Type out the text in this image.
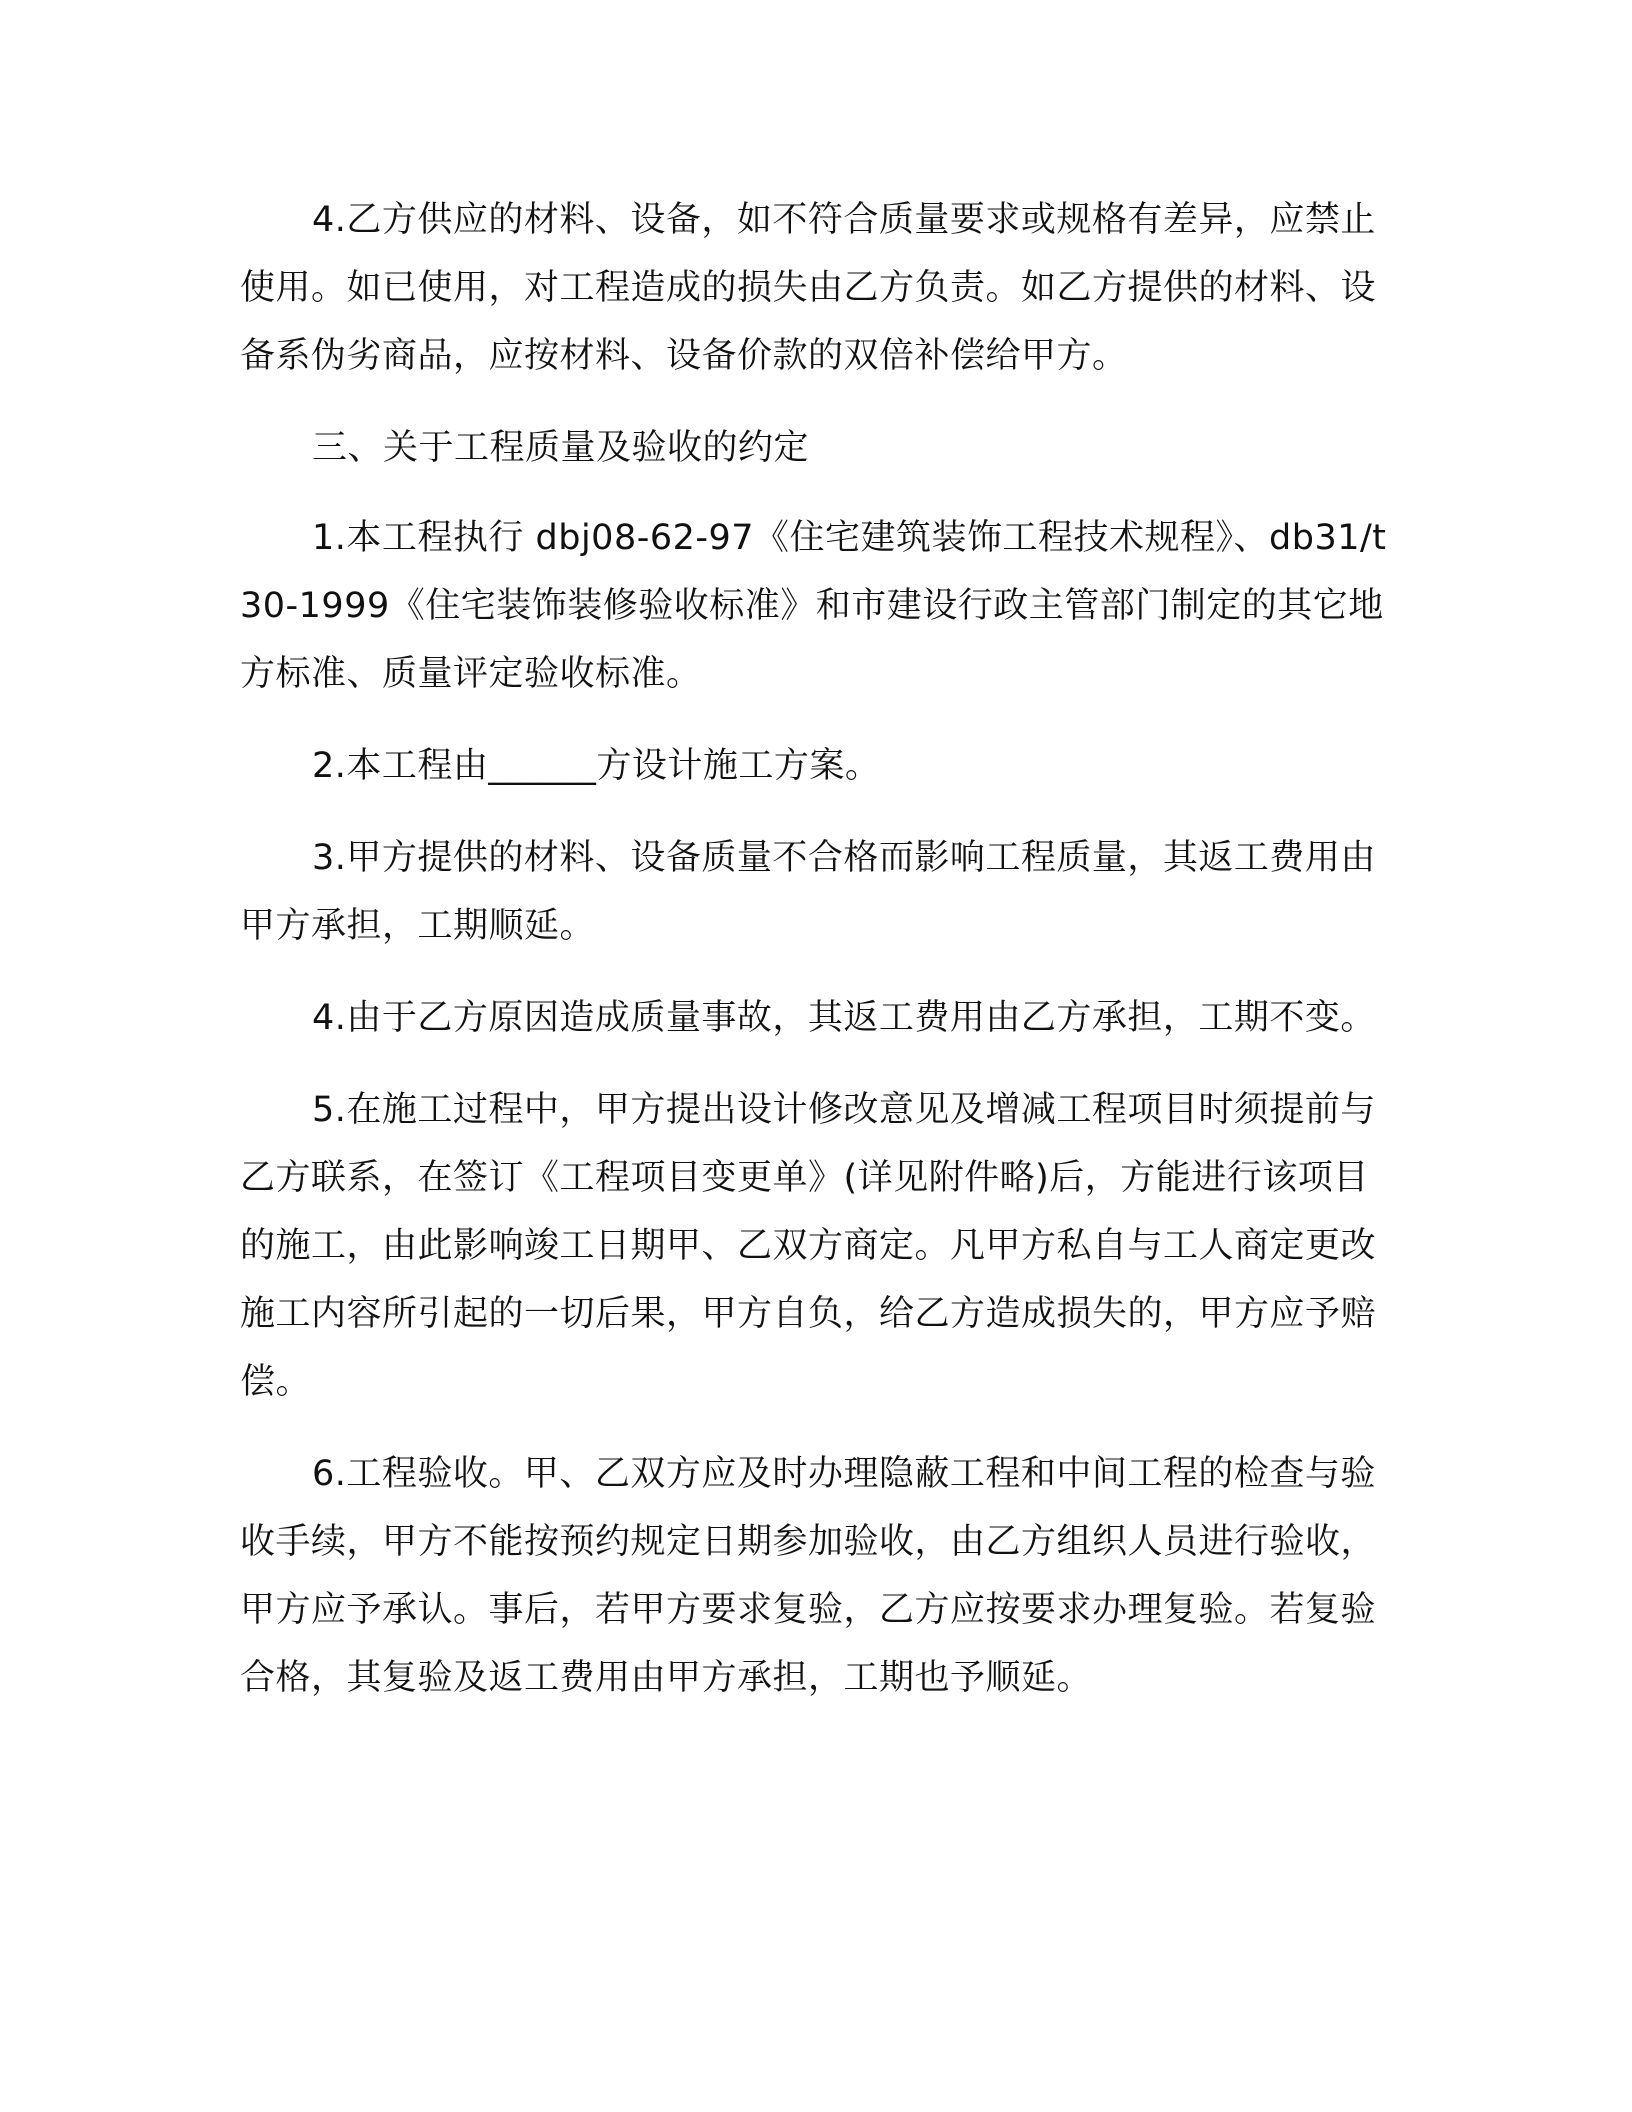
4.乙方供应的材料、设备，如不符合质量要求或规格有差异，应禁止使用。如已使用，对工程造成的损失由乙方负责。如乙方提供的材料、设备系伪劣商品，应按材料、设备价款的双倍补偿给甲方。

三、关于工程质量及验收的约定

1.本工程执行 dbj08-62-97《住宅建筑装饰工程技术规程》、db31/t30-1999《住宅装饰装修验收标准》和市建设行政主管部门制定的其它地方标准、质量评定验收标准。

2.本工程由______方设计施工方案。

3.甲方提供的材料、设备质量不合格而影响工程质量，其返工费用由甲方承担，工期顺延。

4.由于乙方原因造成质量事故，其返工费用由乙方承担，工期不变。

5.在施工过程中，甲方提出设计修改意见及增减工程项目时须提前与乙方联系，在签订《工程项目变更单》(详见附件略)后，方能进行该项目的施工，由此影响竣工日期甲、乙双方商定。凡甲方私自与工人商定更改施工内容所引起的一切后果，甲方自负，给乙方造成损失的，甲方应予赔偿。

6.工程验收。甲、乙双方应及时办理隐蔽工程和中间工程的检查与验收手续，甲方不能按预约规定日期参加验收，由乙方组织人员进行验收，甲方应予承认。事后，若甲方要求复验，乙方应按要求办理复验。若复验合格，其复验及返工费用由甲方承担，工期也予顺延。
